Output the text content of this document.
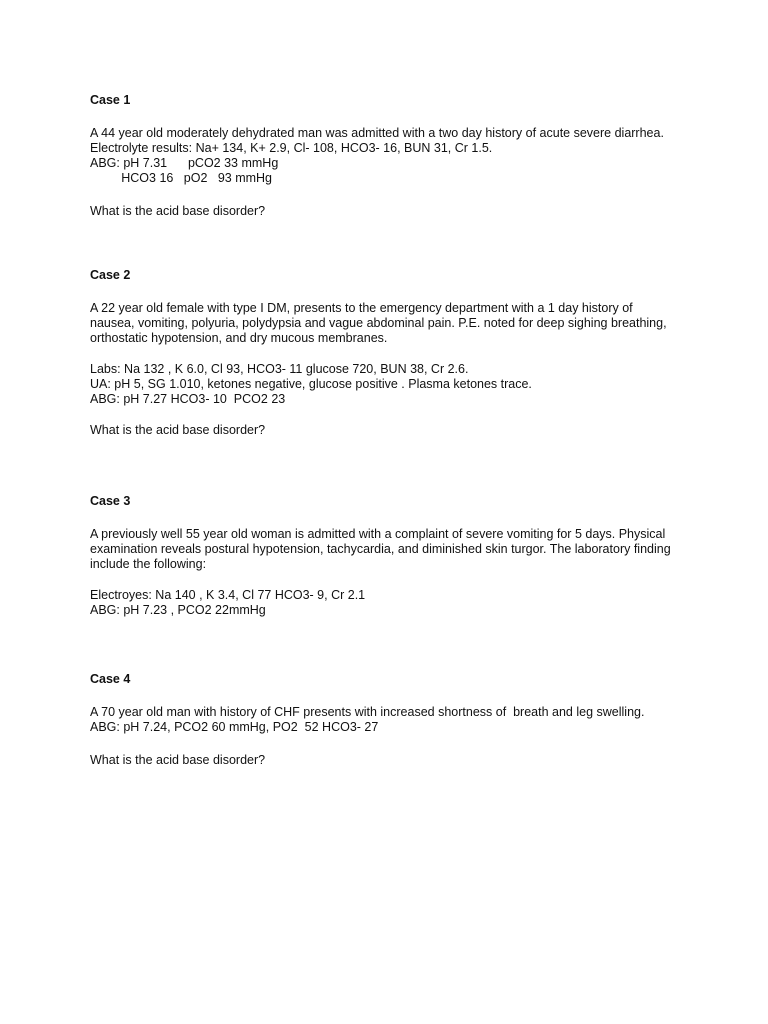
Case 1

A 44 year old moderately dehydrated man was admitted with a two day history of acute severe diarrhea.

Electrolyte results: Na+ 134, K+ 2.9, Cl- 108, HCO3- 16, BUN 31, Cr 1.5.

ABG: pH 7.31      pCO2 33 mmHg

HCO3 16   pO2   93 mmHg

What is the acid base disorder?

Case 2

A 22 year old female with type I DM, presents to the emergency department with a 1 day history of

nausea, vomiting, polyuria, polydypsia and vague abdominal pain. P.E. noted for deep sighing breathing,

orthostatic hypotension, and dry mucous membranes.

Labs: Na 132 , K 6.0, Cl 93, HCO3- 11 glucose 720, BUN 38, Cr 2.6.

UA: pH 5, SG 1.010, ketones negative, glucose positive . Plasma ketones trace.

ABG: pH 7.27 HCO3- 10  PCO2 23

What is the acid base disorder?

Case 3

A previously well 55 year old woman is admitted with a complaint of severe vomiting for 5 days. Physical

examination reveals postural hypotension, tachycardia, and diminished skin turgor. The laboratory finding

include the following:

Electroyes: Na 140 , K 3.4, Cl 77 HCO3- 9, Cr 2.1

ABG: pH 7.23 , PCO2 22mmHg

Case 4

A 70 year old man with history of CHF presents with increased shortness of  breath and leg swelling.

ABG: pH 7.24, PCO2 60 mmHg, PO2  52 HCO3- 27

What is the acid base disorder?
